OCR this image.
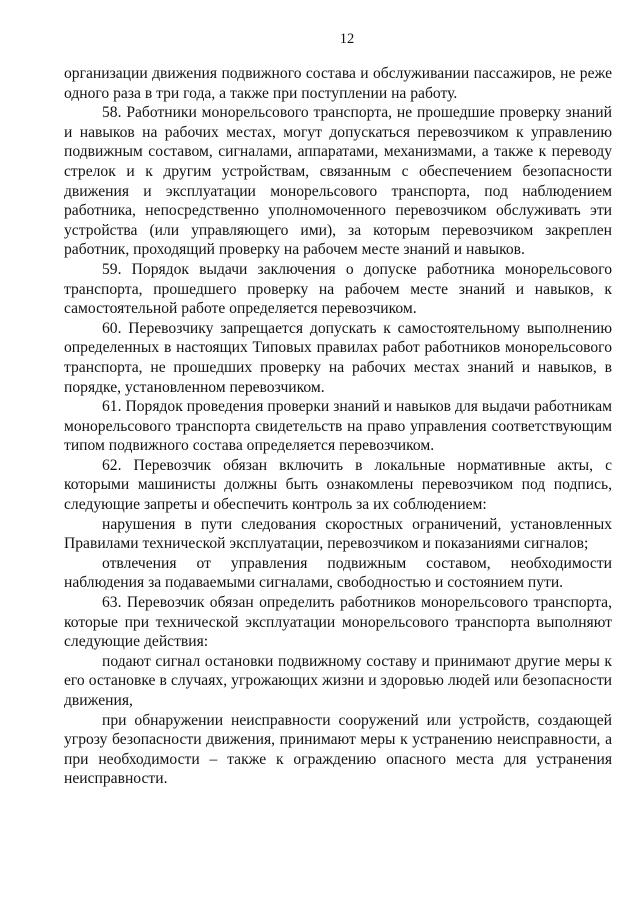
12

организации движения подвижного состава и обслуживании пассажиров, не реже одного раза в три года, а также при поступлении на работу.

58. Работники монорельсового транспорта, не прошедшие проверку знаний и навыков на рабочих местах, могут допускаться перевозчиком к управлению подвижным составом, сигналами, аппаратами, механизмами, а также к переводу стрелок и к другим устройствам, связанным с обеспечением безопасности движения и эксплуатации монорельсового транспорта, под наблюдением работника, непосредственно уполномоченного перевозчиком обслуживать эти устройства (или управляющего ими), за которым перевозчиком закреплен работник, проходящий проверку на рабочем месте знаний и навыков.

59. Порядок выдачи заключения о допуске работника монорельсового транспорта, прошедшего проверку на рабочем месте знаний и навыков, к самостоятельной работе определяется перевозчиком.

60. Перевозчику запрещается допускать к самостоятельному выполнению определенных в настоящих Типовых правилах работ работников монорельсового транспорта, не прошедших проверку на рабочих местах знаний и навыков, в порядке, установленном перевозчиком.

61. Порядок проведения проверки знаний и навыков для выдачи работникам монорельсового транспорта свидетельств на право управления соответствующим типом подвижного состава определяется перевозчиком.

62. Перевозчик обязан включить в локальные нормативные акты, с которыми машинисты должны быть ознакомлены перевозчиком под подпись, следующие запреты и обеспечить контроль за их соблюдением:

нарушения в пути следования скоростных ограничений, установленных Правилами технической эксплуатации, перевозчиком и показаниями сигналов;

отвлечения от управления подвижным составом, необходимости наблюдения за подаваемыми сигналами, свободностью и состоянием пути.

63. Перевозчик обязан определить работников монорельсового транспорта, которые при технической эксплуатации монорельсового транспорта выполняют следующие действия:

подают сигнал остановки подвижному составу и принимают другие меры к его остановке в случаях, угрожающих жизни и здоровью людей или безопасности движения,

при обнаружении неисправности сооружений или устройств, создающей угрозу безопасности движения, принимают меры к устранению неисправности, а при необходимости – также к ограждению опасного места для устранения неисправности.
